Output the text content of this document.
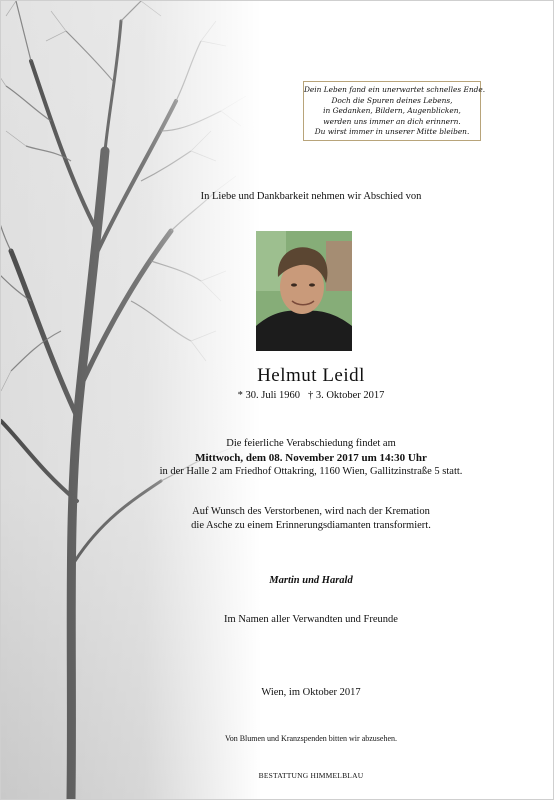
Dein Leben fand ein unerwartet schnelles Ende.
Doch die Spuren deines Lebens,
in Gedanken, Bildern, Augenblicken,
werden uns immer an dich erinnern.
Du wirst immer in unserer Mitte bleiben.
In Liebe und Dankbarkeit nehmen wir Abschied von
Helmut Leidl
* 30. Juli 1960 † 3. Oktober 2017
Die feierliche Verabschiedung findet am
Mittwoch, dem 08. November 2017 um 14:30 Uhr
in der Halle 2 am Friedhof Ottakring, 1160 Wien, Gallitzinstraße 5 statt.
Auf Wunsch des Verstorbenen, wird nach der Kremation
die Asche zu einem Erinnerungsdiamanten transformiert.
Martin und Harald
Im Namen aller Verwandten und Freunde
Wien, im Oktober 2017
Von Blumen und Kranzspenden bitten wir abzusehen.
BESTATTUNG HIMMELBLAU
